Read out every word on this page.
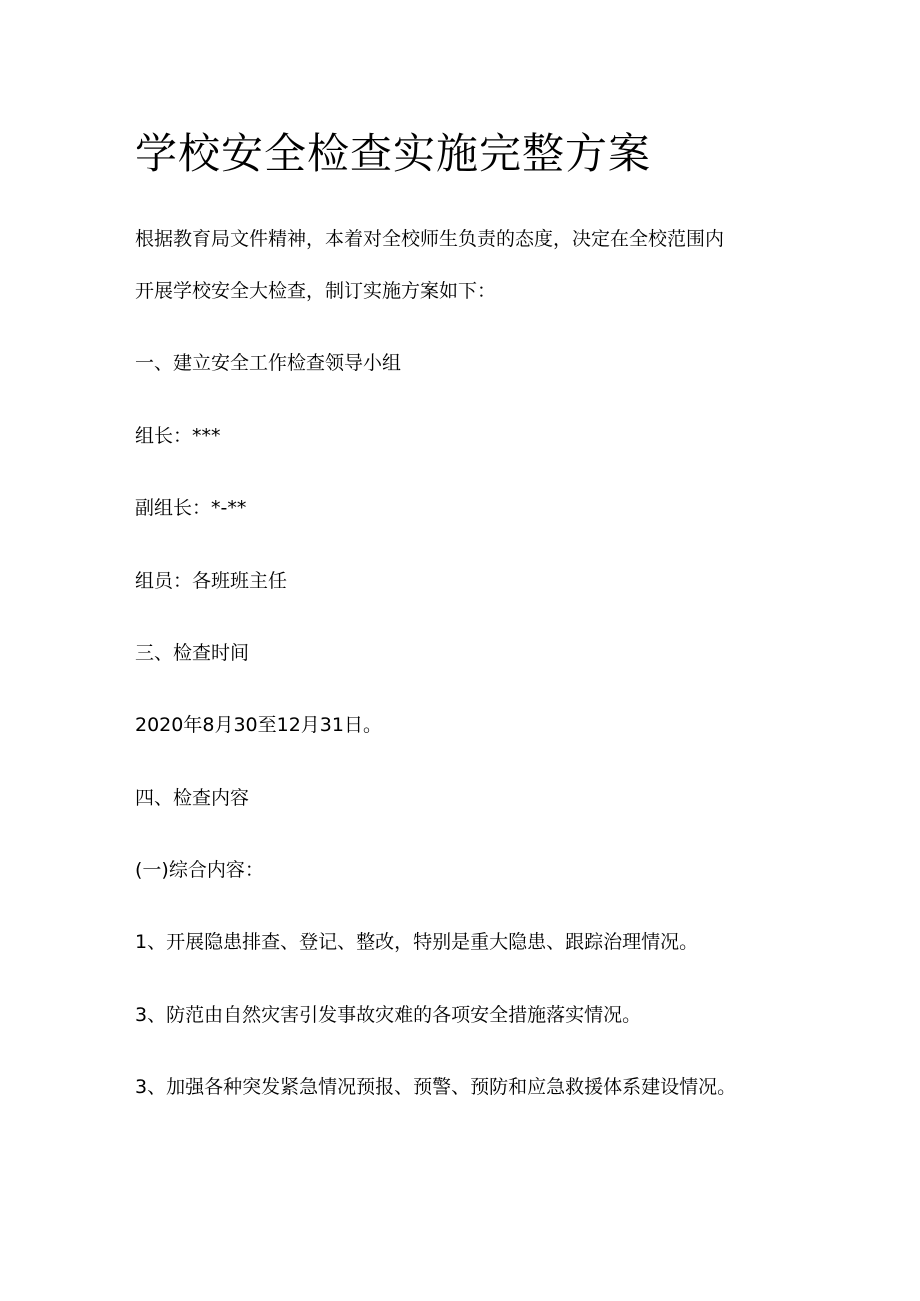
学校安全检查实施完整方案

根据教育局文件精神，本着对全校师生负责的态度，决定在全校范围内

开展学校安全大检查，制订实施方案如下：

一、建立安全工作检查领导小组

组长：***

副组长：*-**

组员：各班班主任

三、检查时间

2020年8月30至12月31日。

四、检查内容

(一)综合内容：

1、开展隐患排查、登记、整改，特别是重大隐患、跟踪治理情况。

3、防范由自然灾害引发事故灾难的各项安全措施落实情况。

3、加强各种突发紧急情况预报、预警、预防和应急救援体系建设情况。
